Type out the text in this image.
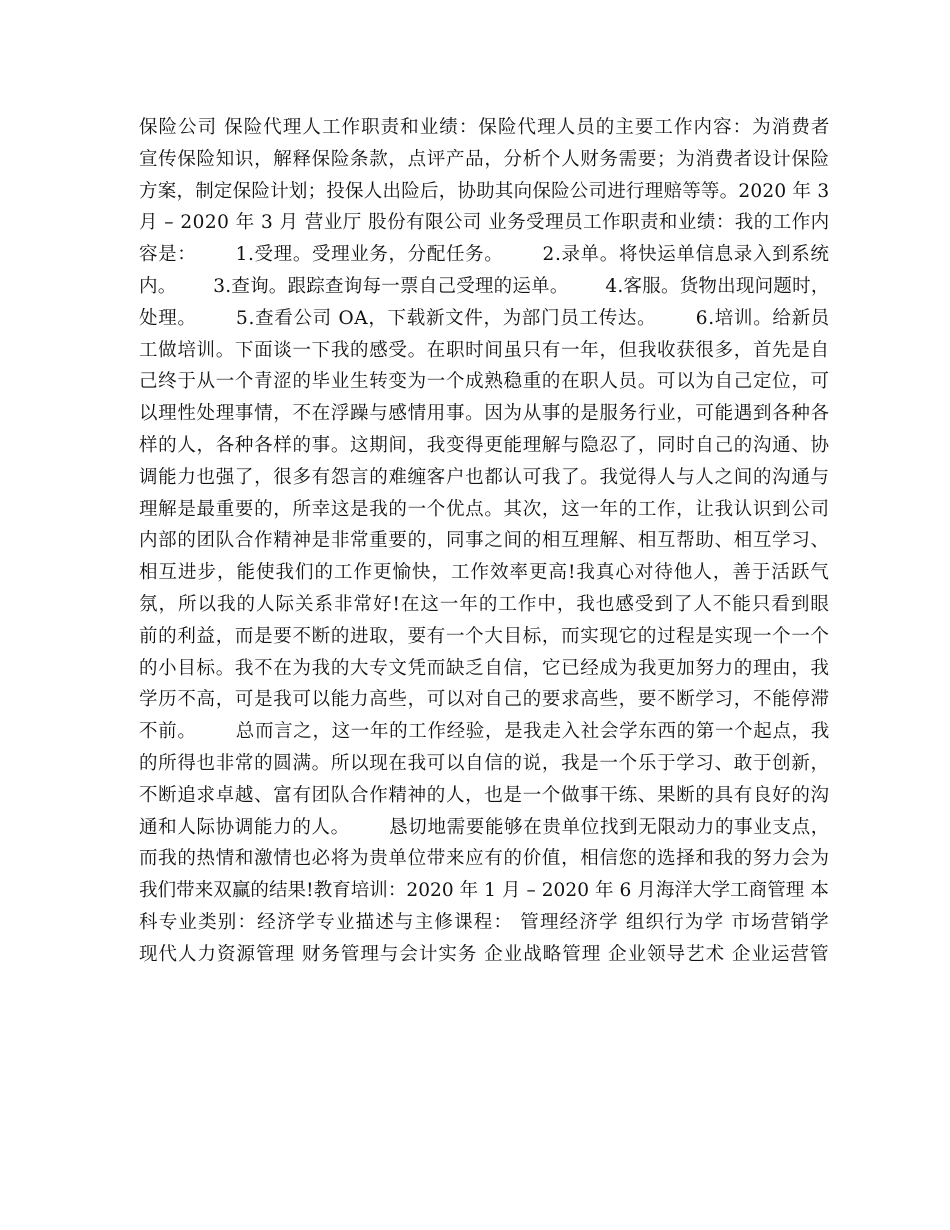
保险公司 保险代理人工作职责和业绩：保险代理人员的主要工作内容：为消费者
宣传保险知识，解释保险条款，点评产品，分析个人财务需要；为消费者设计保险
方案，制定保险计划；投保人出险后，协助其向保险公司进行理赔等等。2020 年 3
月 – 2020 年 3 月 营业厅 股份有限公司 业务受理员工作职责和业绩：我的工作内
容是：      1.受理。受理业务，分配任务。      2.录单。将快运单信息录入到系统
内。      3.查询。跟踪查询每一票自己受理的运单。      4.客服。货物出现问题时，
处理。      5.查看公司 OA，下载新文件，为部门员工传达。      6.培训。给新员
工做培训。下面谈一下我的感受。在职时间虽只有一年，但我收获很多，首先是自
己终于从一个青涩的毕业生转变为一个成熟稳重的在职人员。可以为自己定位，可
以理性处理事情，不在浮躁与感情用事。因为从事的是服务行业，可能遇到各种各
样的人，各种各样的事。这期间，我变得更能理解与隐忍了，同时自己的沟通、协
调能力也强了，很多有怨言的难缠客户也都认可我了。我觉得人与人之间的沟通与
理解是最重要的，所幸这是我的一个优点。其次，这一年的工作，让我认识到公司
内部的团队合作精神是非常重要的，同事之间的相互理解、相互帮助、相互学习、
相互进步，能使我们的工作更愉快，工作效率更高!我真心对待他人，善于活跃气
氛，所以我的人际关系非常好!在这一年的工作中，我也感受到了人不能只看到眼
前的利益，而是要不断的进取，要有一个大目标，而实现它的过程是实现一个一个
的小目标。我不在为我的大专文凭而缺乏自信，它已经成为我更加努力的理由，我
学历不高，可是我可以能力高些，可以对自己的要求高些，要不断学习，不能停滞
不前。      总而言之，这一年的工作经验，是我走入社会学东西的第一个起点，我
的所得也非常的圆满。所以现在我可以自信的说，我是一个乐于学习、敢于创新，
不断追求卓越、富有团队合作精神的人，也是一个做事干练、果断的具有良好的沟
通和人际协调能力的人。      恳切地需要能够在贵单位找到无限动力的事业支点，
而我的热情和激情也必将为贵单位带来应有的价值，相信您的选择和我的努力会为
我们带来双赢的结果!教育培训：2020 年 1 月 – 2020 年 6 月海洋大学工商管理 本
科专业类别：经济学专业描述与主修课程： 管理经济学 组织行为学 市场营销学
现代人力资源管理 财务管理与会计实务 企业战略管理 企业领导艺术 企业运营管
